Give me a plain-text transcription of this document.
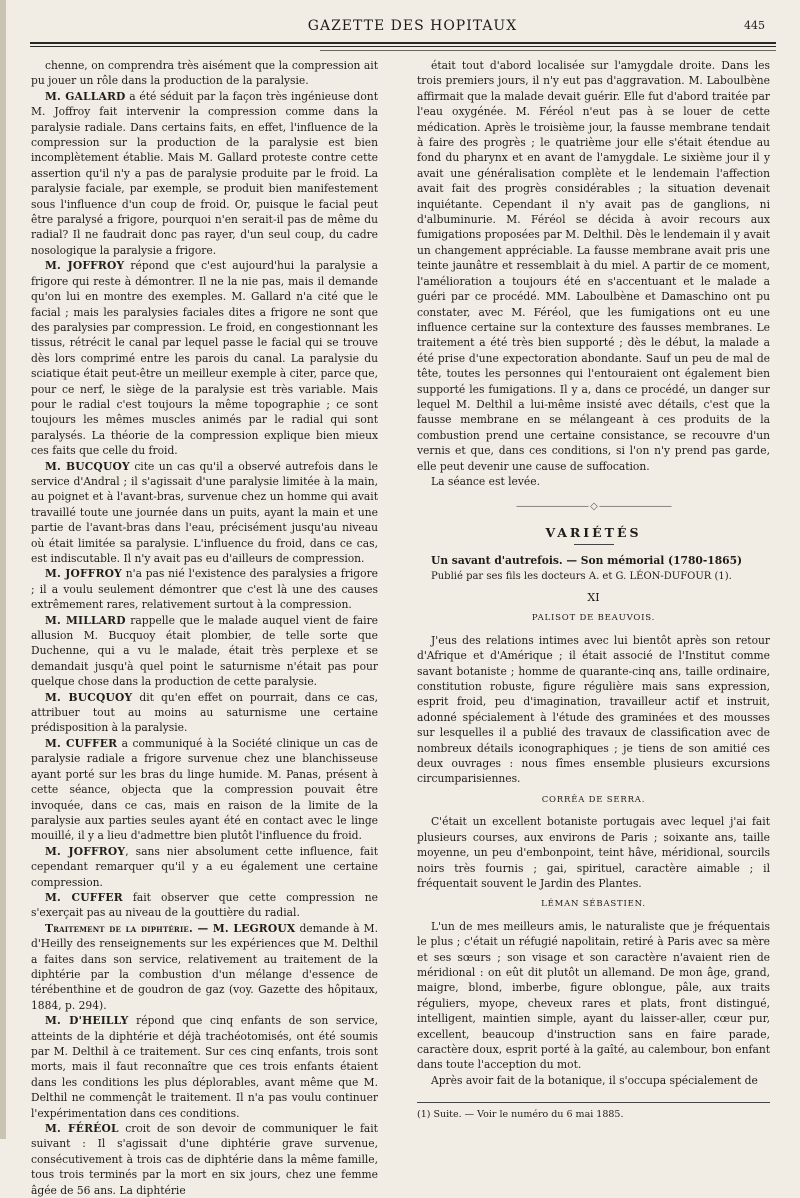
GAZETTE DES HOPITAUX	445

chenne, on comprendra très aisément que la compression ait pu jouer un rôle dans la production de la paralysie.

M. GALLARD a été séduit par la façon très ingénieuse dont M. Joffroy fait intervenir la compression comme dans la paralysie radiale. Dans certains faits, en effet, l'influence de la compression sur la production de la paralysie est bien incomplètement établie. Mais M. Gallard proteste contre cette assertion qu'il n'y a pas de paralysie produite par le froid. La paralysie faciale, par exemple, se produit bien manifestement sous l'influence d'un coup de froid. Or, puisque le facial peut être paralysé a frigore, pourquoi n'en serait-il pas de même du radial? Il ne faudrait donc pas rayer, d'un seul coup, du cadre nosologique la paralysie a frigore.

M. JOFFROY répond que c'est aujourd'hui la paralysie a frigore qui reste à démontrer. Il ne la nie pas, mais il demande qu'on lui en montre des exemples. M. Gallard n'a cité que le facial ; mais les paralysies faciales dites a frigore ne sont que des paralysies par compression. Le froid, en congestionnant les tissus, rétrécit le canal par lequel passe le facial qui se trouve dès lors comprimé entre les parois du canal. La paralysie du sciatique était peut-être un meilleur exemple à citer, parce que, pour ce nerf, le siège de la paralysie est très variable. Mais pour le radial c'est toujours la même topographie ; ce sont toujours les mêmes muscles animés par le radial qui sont paralysés. La théorie de la compression explique bien mieux ces faits que celle du froid.

M. BUCQUOY cite un cas qu'il a observé autrefois dans le service d'Andral ; il s'agissait d'une paralysie limitée à la main, au poignet et à l'avant-bras, survenue chez un homme qui avait travaillé toute une journée dans un puits, ayant la main et une partie de l'avant-bras dans l'eau, précisément jusqu'au niveau où était limitée sa paralysie. L'influence du froid, dans ce cas, est indiscutable. Il n'y avait pas eu d'ailleurs de compression.

M. JOFFROY n'a pas nié l'existence des paralysies a frigore ; il a voulu seulement démontrer que c'est là une des causes extrêmement rares, relativement surtout à la compression.

M. MILLARD rappelle que le malade auquel vient de faire allusion M. Bucquoy était plombier, de telle sorte que Duchenne, qui a vu le malade, était très perplexe et se demandait jusqu'à quel point le saturnisme n'était pas pour quelque chose dans la production de cette paralysie.

M. BUCQUOY dit qu'en effet on pourrait, dans ce cas, attribuer tout au moins au saturnisme une certaine prédisposition à la paralysie.

M. CUFFER a communiqué à la Société clinique un cas de paralysie radiale a frigore survenue chez une blanchisseuse ayant porté sur les bras du linge humide. M. Panas, présent à cette séance, objecta que la compression pouvait être invoquée, dans ce cas, mais en raison de la limite de la paralysie aux parties seules ayant été en contact avec le linge mouillé, il y a lieu d'admettre bien plutôt l'influence du froid.

M. JOFFROY, sans nier absolument cette influence, fait cependant remarquer qu'il y a eu également une certaine compression.

M. CUFFER fait observer que cette compression ne s'exerçait pas au niveau de la gouttière du radial.

Traitement de la diphtérie. — M. LEGROUX demande à M. d'Heilly des renseignements sur les expériences que M. Delthil a faites dans son service, relativement au traitement de la diphtérie par la combustion d'un mélange d'essence de térébenthine et de goudron de gaz (voy. Gazette des hôpitaux, 1884, p. 294).

M. D'HEILLY répond que cinq enfants de son service, atteints de la diphtérie et déjà trachéotomisés, ont été soumis par M. Delthil à ce traitement. Sur ces cinq enfants, trois sont morts, mais il faut reconnaître que ces trois enfants étaient dans les conditions les plus déplorables, avant même que M. Delthil ne commençât le traitement. Il n'a pas voulu continuer l'expérimentation dans ces conditions.

M. FÉRÉOL croit de son devoir de communiquer le fait suivant : Il s'agissait d'une diphtérie grave survenue, consécutivement à trois cas de diphtérie dans la même famille, tous trois terminés par la mort en six jours, chez une femme âgée de 56 ans. La diphtérie

était tout d'abord localisée sur l'amygdale droite. Dans les trois premiers jours, il n'y eut pas d'aggravation. M. Laboulbène affirmait que la malade devait guérir. Elle fut d'abord traitée par l'eau oxygénée. M. Féréol n'eut pas à se louer de cette médication. Après le troisième jour, la fausse membrane tendait à faire des progrès ; le quatrième jour elle s'était étendue au fond du pharynx et en avant de l'amygdale. Le sixième jour il y avait une généralisation complète et le lendemain l'affection avait fait des progrès considérables ; la situation devenait inquiétante. Cependant il n'y avait pas de ganglions, ni d'albuminurie. M. Féréol se décida à avoir recours aux fumigations proposées par M. Delthil. Dès le lendemain il y avait un changement appréciable. La fausse membrane avait pris une teinte jaunâtre et ressemblait à du miel. A partir de ce moment, l'amélioration a toujours été en s'accentuant et le malade a guéri par ce procédé. MM. Laboulbène et Damaschino ont pu constater, avec M. Féréol, que les fumigations ont eu une influence certaine sur la contexture des fausses membranes. Le traitement a été très bien supporté ; dès le début, la malade a été prise d'une expectoration abondante. Sauf un peu de mal de tête, toutes les personnes qui l'entouraient ont également bien supporté les fumigations. Il y a, dans ce procédé, un danger sur lequel M. Delthil a lui-même insisté avec détails, c'est que la fausse membrane en se mélangeant à ces produits de la combustion prend une certaine consistance, se recouvre d'un vernis et que, dans ces conditions, si l'on n'y prend pas garde, elle peut devenir une cause de suffocation.

La séance est levée.

———————— ◇ ————————
VARIÉTÉS

Un savant d'autrefois. — Son mémorial (1780-1865)

Publié par ses fils les docteurs A. et G. LÉON-DUFOUR (1).

XI
PALISOT DE BEAUVOIS.

J'eus des relations intimes avec lui bientôt après son retour d'Afrique et d'Amérique ; il était associé de l'Institut comme savant botaniste ; homme de quarante-cinq ans, taille ordinaire, constitution robuste, figure régulière mais sans expression, esprit froid, peu d'imagination, travailleur actif et instruit, adonné spécialement à l'étude des graminées et des mousses sur lesquelles il a publié des travaux de classification avec de nombreux détails iconographiques ; je tiens de son amitié ces deux ouvrages : nous fîmes ensemble plusieurs excursions circumparisiennes.

CORRÊA DE SERRA.

C'était un excellent botaniste portugais avec lequel j'ai fait plusieurs courses, aux environs de Paris ; soixante ans, taille moyenne, un peu d'embonpoint, teint hâve, méridional, sourcils noirs très fournis ; gai, spirituel, caractère aimable ; il fréquentait souvent le Jardin des Plantes.

LÉMAN SÉBASTIEN.

L'un de mes meilleurs amis, le naturaliste que je fréquentais le plus ; c'était un réfugié napolitain, retiré à Paris avec sa mère et ses sœurs ; son visage et son caractère n'avaient rien de méridional : on eût dit plutôt un allemand. De mon âge, grand, maigre, blond, imberbe, figure oblongue, pâle, aux traits réguliers, myope, cheveux rares et plats, front distingué, intelligent, maintien simple, ayant du laisser-aller, cœur pur, excellent, beaucoup d'instruction sans en faire parade, caractère doux, esprit porté à la gaîté, au calembour, bon enfant dans toute l'acception du mot.

Après avoir fait de la botanique, il s'occupa spécialement de

(1) Suite. — Voir le numéro du 6 mai 1885.
